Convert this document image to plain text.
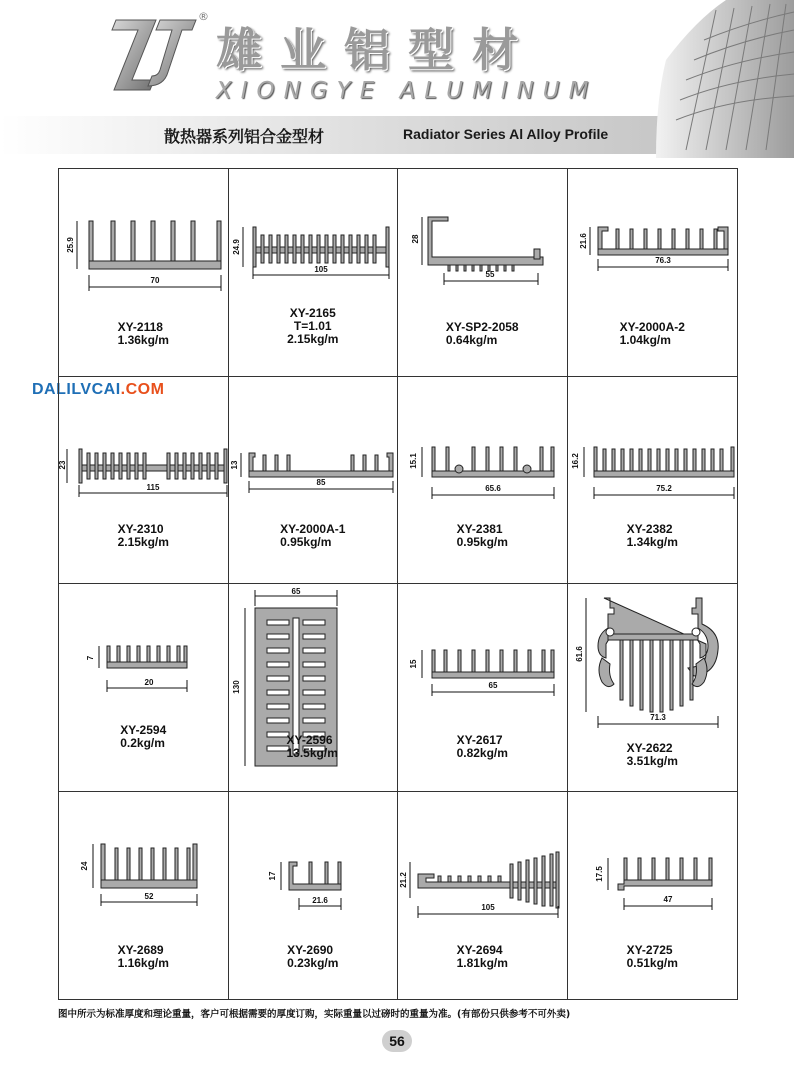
®
雄业铝型材
XIONGYE ALUMINUM
散热器系列铝合金型材	Radiator Series Al Alloy Profile
DALILVCAI.COM
70
25.9
XY-2118
1.36kg/m
105
24.9
XY-2165
T=1.01
2.15kg/m
55
28
XY-SP2-2058
0.64kg/m
76.3
21.6
XY-2000A-2
1.04kg/m
115
23
XY-2310
2.15kg/m
85
13
XY-2000A-1
0.95kg/m
65.6
15.1
XY-2381
0.95kg/m
75.2
16.2
XY-2382
1.34kg/m
20
7
XY-2594
0.2kg/m
65
130
XY-2596
13.5kg/m
65
15
XY-2617
0.82kg/m
71.3
61.6
XY-2622
3.51kg/m
52
24
XY-2689
1.16kg/m
21.6
17
XY-2690
0.23kg/m
105
21.2
XY-2694
1.81kg/m
47
17.5
XY-2725
0.51kg/m
图中所示为标准厚度和理论重量，客户可根据需要的厚度订购，实际重量以过磅时的重量为准。(有部份只供参考不可外卖)
56
